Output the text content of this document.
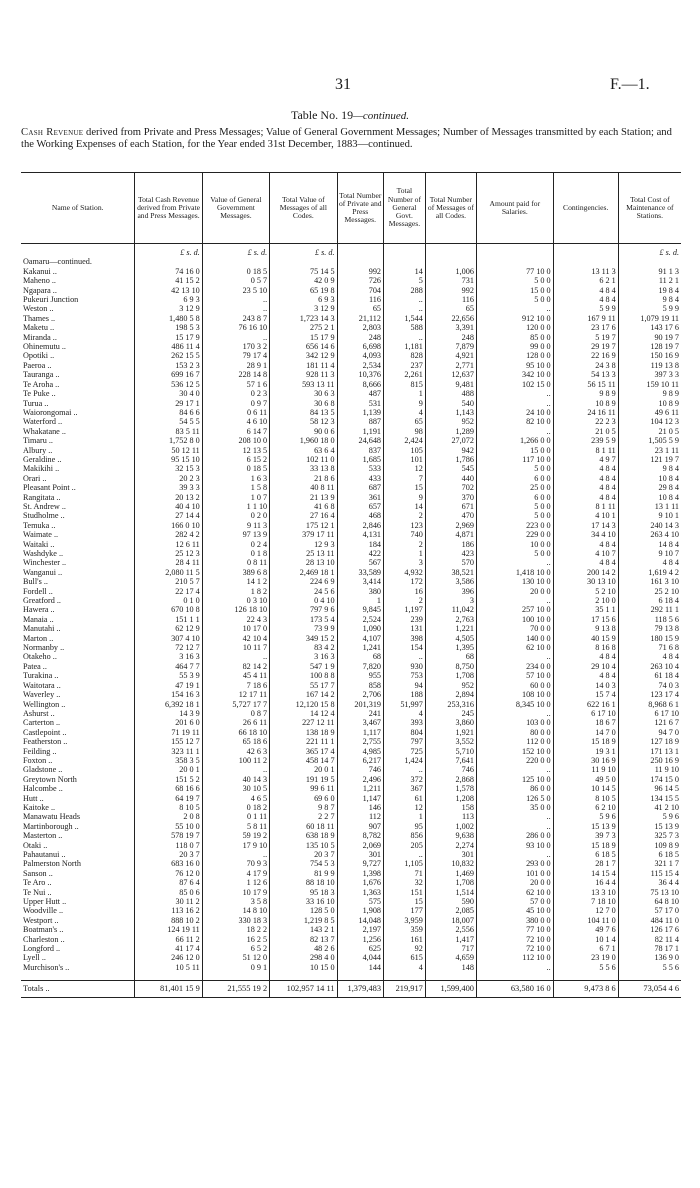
31	F.—1.
Table No. 19—continued.
Cash Revenue derived from Private and Press Messages; Value of General Government Messages; Number of Messages transmitted by each Station; and the Working Expenses of each Station, for the Year ended 31st December, 1883—continued.
Name of Station.	Total Cash Revenue derived from Private and Press Messages.	Value of General Government Messages.	Total Value of Messages of all Codes.	Total Number of Private and Press Messages.	Total Number of General Govt. Messages.	Total Number of Messages of all Codes.	Amount paid for Salaries.	Contingencies.	Total Cost of Maintenance of Stations.
	£ s. d.	£ s. d.	£ s. d.						£ s. d.
Oamaru—continued.									
Kakanui ..	74 16 0	0 18 5	75 14 5	992	14	1,006	77 10 0	13 11 3	91 1 3
Maheno ..	41 15 2	0 5 7	42 0 9	726	5	731	5 0 0	6 2 1	11 2 1
Ngapara ..	42 13 10	23 5 10	65 19 8	704	288	992	15 0 0	4 8 4	19 8 4
Pukeuri Junction	6 9 3	..	6 9 3	116	..	116	5 0 0	4 8 4	9 8 4
Weston ..	3 12 9	..	3 12 9	65	..	65	..	5 9 9	5 9 9
Thames ..	1,480 5 8	243 8 7	1,723 14 3	21,112	1,544	22,656	912 10 0	167 9 11	1,079 19 11
Maketu ..	198 5 3	76 16 10	275 2 1	2,803	588	3,391	120 0 0	23 17 6	143 17 6
Miranda ..	15 17 9	..	15 17 9	248	..	248	85 0 0	5 19 7	90 19 7
Ohinemutu ..	486 11 4	170 3 2	656 14 6	6,698	1,181	7,879	99 0 0	29 19 7	128 19 7
Opotiki ..	262 15 5	79 17 4	342 12 9	4,093	828	4,921	128 0 0	22 16 9	150 16 9
Paeroa ..	153 2 3	28 9 1	181 11 4	2,534	237	2,771	95 10 0	24 3 8	119 13 8
Tauranga ..	699 16 7	228 14 8	928 11 3	10,376	2,261	12,637	342 10 0	54 13 3	397 3 3
Te Aroha ..	536 12 5	57 1 6	593 13 11	8,666	815	9,481	102 15 0	56 15 11	159 10 11
Te Puke ..	30 4 0	0 2 3	30 6 3	487	1	488	..	9 8 9	9 8 9
Turua ..	29 17 1	0 9 7	30 6 8	531	9	540	..	10 8 9	10 8 9
Waiorongomai ..	84 6 6	0 6 11	84 13 5	1,139	4	1,143	24 10 0	24 16 11	49 6 11
Waterford ..	54 5 5	4 6 10	58 12 3	887	65	952	82 10 0	22 2 3	104 12 3
Whakatane ..	83 5 11	6 14 7	90 0 6	1,191	98	1,289	..	21 0 5	21 0 5
Timaru ..	1,752 8 0	208 10 0	1,960 18 0	24,648	2,424	27,072	1,266 0 0	239 5 9	1,505 5 9
Albury ..	50 12 11	12 13 5	63 6 4	837	105	942	15 0 0	8 1 11	23 1 11
Geraldine ..	95 15 10	6 15 2	102 11 0	1,685	101	1,786	117 10 0	4 9 7	121 19 7
Makikihi ..	32 15 3	0 18 5	33 13 8	533	12	545	5 0 0	4 8 4	9 8 4
Orari ..	20 2 3	1 6 3	21 8 6	433	7	440	6 0 0	4 8 4	10 8 4
Pleasant Point ..	39 3 3	1 5 8	40 8 11	687	15	702	25 0 0	4 8 4	29 8 4
Rangitata ..	20 13 2	1 0 7	21 13 9	361	9	370	6 0 0	4 8 4	10 8 4
St. Andrew ..	40 4 10	1 1 10	41 6 8	657	14	671	5 0 0	8 1 11	13 1 11
Studholme ..	27 14 4	0 2 0	27 16 4	468	2	470	5 0 0	4 10 1	9 10 1
Temuka ..	166 0 10	9 11 3	175 12 1	2,846	123	2,969	223 0 0	17 14 3	240 14 3
Waimate ..	282 4 2	97 13 9	379 17 11	4,131	740	4,871	229 0 0	34 4 10	263 4 10
Waitaki ..	12 6 11	0 2 4	12 9 3	184	2	186	10 0 0	4 8 4	14 8 4
Washdyke ..	25 12 3	0 1 8	25 13 11	422	1	423	5 0 0	4 10 7	9 10 7
Winchester ..	28 4 11	0 8 11	28 13 10	567	3	570	..	4 8 4	4 8 4
Wanganui ..	2,080 11 5	389 6 8	2,469 18 1	33,589	4,932	38,521	1,418 10 0	200 14 2	1,619 4 2
Bull's ..	210 5 7	14 1 2	224 6 9	3,414	172	3,586	130 10 0	30 13 10	161 3 10
Fordell ..	22 17 4	1 8 2	24 5 6	380	16	396	20 0 0	5 2 10	25 2 10
Greatford ..	0 1 0	0 3 10	0 4 10	1	2	3	..	2 10 0	6 18 4
Hawera ..	670 10 8	126 18 10	797 9 6	9,845	1,197	11,042	257 10 0	35 1 1	292 11 1
Manaia ..	151 1 1	22 4 3	173 5 4	2,524	239	2,763	100 10 0	17 15 6	118 5 6
Manutahi ..	62 12 9	10 17 0	73 9 9	1,090	131	1,221	70 0 0	9 13 8	79 13 8
Marton ..	307 4 10	42 10 4	349 15 2	4,107	398	4,505	140 0 0	40 15 9	180 15 9
Normanby ..	72 12 7	10 11 7	83 4 2	1,241	154	1,395	62 10 0	8 16 8	71 6 8
Otakeho ..	3 16 3	..	3 16 3	68	..	68	..	4 8 4	4 8 4
Patea ..	464 7 7	82 14 2	547 1 9	7,820	930	8,750	234 0 0	29 10 4	263 10 4
Turakina ..	55 3 9	45 4 11	100 8 8	955	753	1,708	57 10 0	4 8 4	61 18 4
Waitotara ..	47 19 1	7 18 6	55 17 7	858	94	952	60 0 0	14 0 3	74 0 3
Waverley ..	154 16 3	12 17 11	167 14 2	2,706	188	2,894	108 10 0	15 7 4	123 17 4
Wellington ..	6,392 18 1	5,727 17 7	12,120 15 8	201,319	51,997	253,316	8,345 10 0	622 16 1	8,968 6 1
Ashurst ..	14 3 9	0 8 7	14 12 4	241	4	245	..	6 17 10	6 17 10
Carterton ..	201 6 0	26 6 11	227 12 11	3,467	393	3,860	103 0 0	18 6 7	121 6 7
Castlepoint ..	71 19 11	66 18 10	138 18 9	1,117	804	1,921	80 0 0	14 7 0	94 7 0
Featherston ..	155 12 7	65 18 6	221 11 1	2,755	797	3,552	112 0 0	15 18 9	127 18 9
Feilding ..	323 11 1	42 6 3	365 17 4	4,985	725	5,710	152 10 0	19 3 1	171 13 1
Foxton ..	358 3 5	100 11 2	458 14 7	6,217	1,424	7,641	220 0 0	30 16 9	250 16 9
Gladstone ..	20 0 1	..	20 0 1	746	..	746	..	11 9 10	11 9 10
Greytown North	151 5 2	40 14 3	191 19 5	2,496	372	2,868	125 10 0	49 5 0	174 15 0
Halcombe ..	68 16 6	30 10 5	99 6 11	1,211	367	1,578	86 0 0	10 14 5	96 14 5
Hutt ..	64 19 7	4 6 5	69 6 0	1,147	61	1,208	126 5 0	8 10 5	134 15 5
Kaitoke ..	8 10 5	0 18 2	9 8 7	146	12	158	35 0 0	6 2 10	41 2 10
Manawatu Heads	2 0 8	0 1 11	2 2 7	112	1	113	..	5 9 6	5 9 6
Martinborough ..	55 10 0	5 8 11	60 18 11	907	95	1,002	..	15 13 9	15 13 9
Masterton ..	578 19 7	59 19 2	638 18 9	8,782	856	9,638	286 0 0	39 7 3	325 7 3
Otaki ..	118 0 7	17 9 10	135 10 5	2,069	205	2,274	93 10 0	15 18 9	109 8 9
Pahautanui ..	20 3 7	..	20 3 7	301	..	301	..	6 18 5	6 18 5
Palmerston North	683 16 0	70 9 3	754 5 3	9,727	1,105	10,832	293 0 0	28 1 7	321 1 7
Sanson ..	76 12 0	4 17 9	81 9 9	1,398	71	1,469	101 0 0	14 15 4	115 15 4
Te Aro ..	87 6 4	1 12 6	88 18 10	1,676	32	1,708	20 0 0	16 4 4	36 4 4
Te Nui ..	85 0 6	10 17 9	95 18 3	1,363	151	1,514	62 10 0	13 3 10	75 13 10
Upper Hutt ..	30 11 2	3 5 8	33 16 10	575	15	590	57 0 0	7 18 10	64 8 10
Woodville ..	113 16 2	14 8 10	128 5 0	1,908	177	2,085	45 10 0	12 7 0	57 17 0
Westport ..	888 10 2	330 18 3	1,219 8 5	14,048	3,959	18,007	380 0 0	104 11 0	484 11 0
Boatman's ..	124 19 11	18 2 2	143 2 1	2,197	359	2,556	77 10 0	49 7 6	126 17 6
Charleston ..	66 11 2	16 2 5	82 13 7	1,256	161	1,417	72 10 0	10 1 4	82 11 4
Longford ..	41 17 4	6 5 2	48 2 6	625	92	717	72 10 0	6 7 1	78 17 1
Lyell ..	246 12 0	51 12 0	298 4 0	4,044	615	4,659	112 10 0	23 19 0	136 9 0
Murchison's ..	10 5 11	0 9 1	10 15 0	144	4	148	..	5 5 6	5 5 6

Totals ..	81,401 15 9	21,555 19 2	102,957 14 11	1,379,483	219,917	1,599,400	63,580 16 0	9,473 8 6	73,054 4 6
